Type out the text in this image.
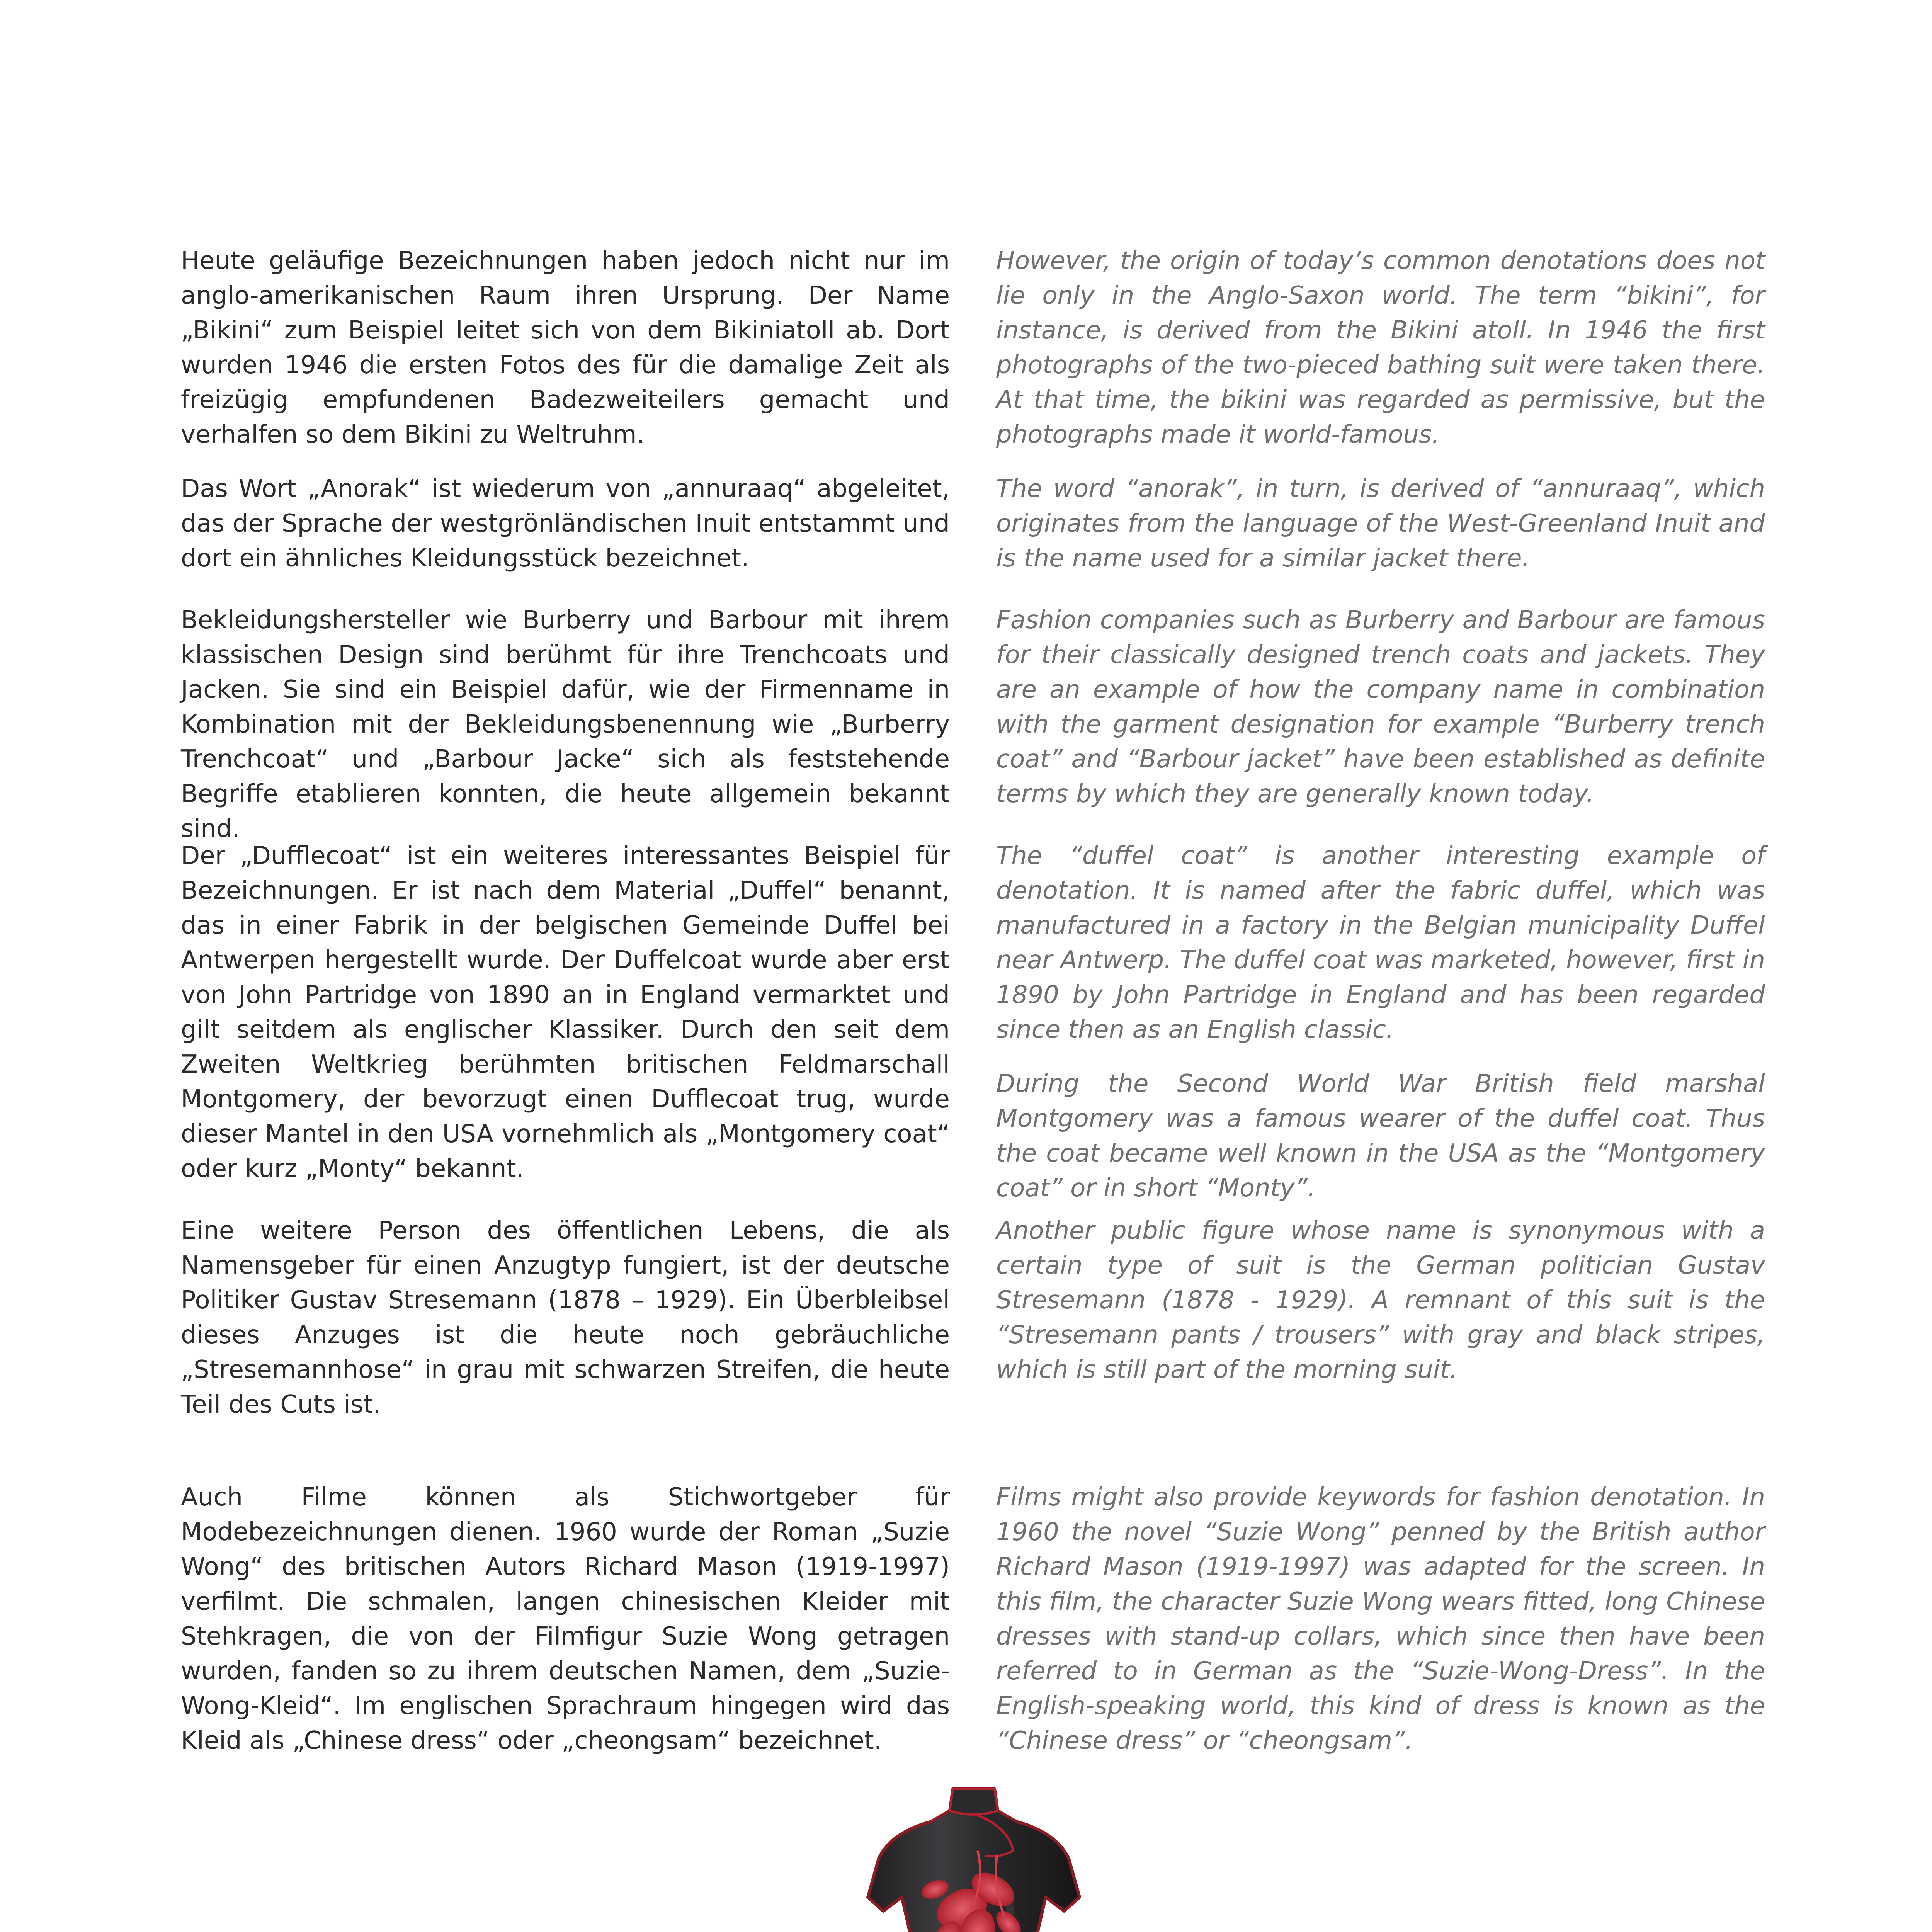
Heute geläufige Bezeichnungen haben jedoch nicht nur im anglo-amerikanischen Raum ihren Ursprung. Der Name „Bikini“ zum Beispiel leitet sich von dem Bikiniatoll ab. Dort wurden 1946 die ersten Fotos des für die damalige Zeit als freizügig empfundenen Badezweiteilers gemacht und verhalfen so dem Bikini zu Weltruhm.

Das Wort „Anorak“ ist wiederum von „annuraaq“ abgeleitet, das der Sprache der westgrönländischen Inuit entstammt und dort ein ähnliches Kleidungsstück bezeichnet.

Bekleidungshersteller wie Burberry und Barbour mit ihrem klassischen Design sind berühmt für ihre Trenchcoats und Jacken. Sie sind ein Beispiel dafür, wie der Firmenname in Kombination mit der Bekleidungsbenennung wie „Burberry Trenchcoat“ und „Barbour Jacke“ sich als feststehende Begriffe etablieren konnten, die heute allgemein bekannt sind.

Der „Dufflecoat“ ist ein weiteres interessantes Beispiel für Bezeichnungen. Er ist nach dem Material „Duffel“ benannt, das in einer Fabrik in der belgischen Gemeinde Duffel bei Antwerpen hergestellt wurde. Der Duffelcoat wurde aber erst von John Partridge von 1890 an in England vermarktet und gilt seitdem als englischer Klassiker. Durch den seit dem Zweiten Weltkrieg berühmten britischen Feldmarschall Montgomery, der bevorzugt einen Dufflecoat trug, wurde dieser Mantel in den USA vornehmlich als „Montgomery coat“ oder kurz „Monty“ bekannt.

Eine weitere Person des öffentlichen Lebens, die als Namensgeber für einen Anzugtyp fungiert, ist der deutsche Politiker Gustav Stresemann (1878 – 1929). Ein Überbleibsel dieses Anzuges ist die heute noch gebräuchliche „Stresemannhose“ in grau mit schwarzen Streifen, die heute Teil des Cuts ist.

Auch Filme können als Stichwortgeber für Modebezeichnungen dienen. 1960 wurde der Roman „Suzie Wong“ des britischen Autors Richard Mason (1919-1997) verfilmt. Die schmalen, langen chinesischen Kleider mit Stehkragen, die von der Filmfigur Suzie Wong getragen wurden, fanden so zu ihrem deutschen Namen, dem „Suzie-Wong-Kleid“. Im englischen Sprachraum hingegen wird das Kleid als „Chinese dress“ oder „cheongsam“ bezeichnet.

However, the origin of today’s common denotations does not lie only in the Anglo-Saxon world. The term “bikini”, for instance, is derived from the Bikini atoll. In 1946 the first photographs of the two-pieced bathing suit were taken there. At that time, the bikini was regarded as permissive, but the photographs made it world-famous.

The word “anorak”, in turn, is derived of “annuraaq”, which originates from the language of the West-Greenland Inuit and is the name used for a similar jacket there.

Fashion companies such as Burberry and Barbour are famous for their classically designed trench coats and jackets. They are an example of how the company name in combination with the garment designation for example “Burberry trench coat” and “Barbour jacket” have been established as definite terms by which they are generally known today.

The “duffel coat” is another interesting example of denotation. It is named after the fabric duffel, which was manufactured in a factory in the Belgian municipality Duffel near Antwerp. The duffel coat was marketed, however, first in 1890 by John Partridge in England and has been regarded since then as an English classic.

During the Second World War British field marshal Montgomery was a famous wearer of the duffel coat. Thus the coat became well known in the USA as the “Montgomery coat” or in short “Monty”.

Another public figure whose name is synonymous with a certain type of suit is the German politician Gustav Stresemann (1878 - 1929). A remnant of this suit is the “Stresemann pants / trousers” with gray and black stripes, which is still part of the morning suit.

Films might also provide keywords for fashion denotation. In 1960 the novel “Suzie Wong” penned by the British author Richard Mason (1919-1997) was adapted for the screen. In this film, the character Suzie Wong wears fitted, long Chinese dresses with stand-up collars, which since then have been referred to in German as the “Suzie-Wong-Dress”. In the English-speaking world, this kind of dress is known as the “Chinese dress” or “cheongsam”.
